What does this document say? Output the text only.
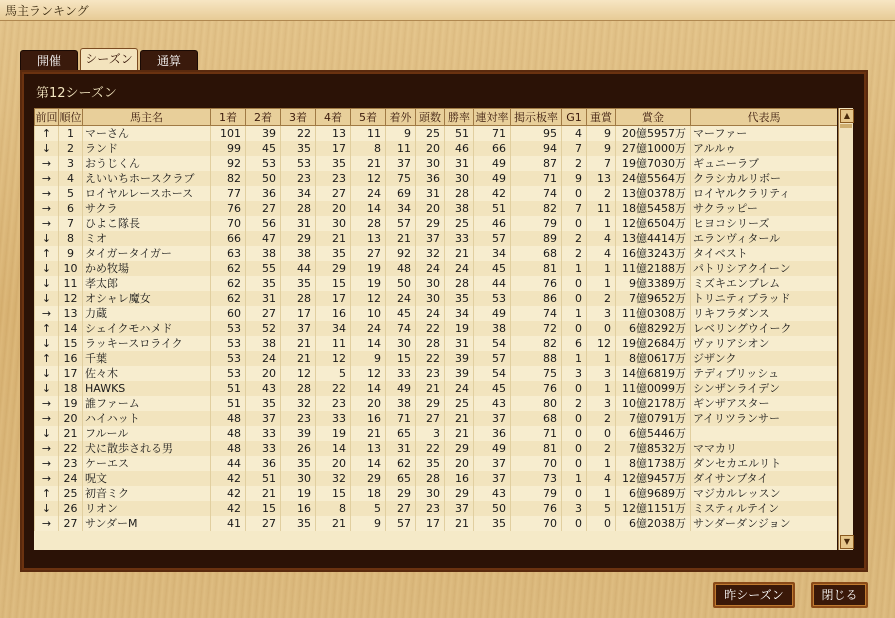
馬主ランキング
開催	シーズン	通算
第12シーズン
前回	順位	馬主名	1着	2着	3着	4着	5着	着外	頭数	勝率	連対率	掲示板率	G1	重賞	賞金	代表馬
↑	1	マーさん	101	39	22	13	11	9	25	51	71	95	4	9	20億5957万	マーファー
↓	2	ランド	99	45	35	17	8	11	20	46	66	94	7	9	27億1000万	アルルゥ
→	3	おうじくん	92	53	53	35	21	37	30	31	49	87	2	7	19億7030万	ギュニーラブ
→	4	えいいちホースクラブ	82	50	23	23	12	75	36	30	49	71	9	13	24億5564万	クラシカルリボー
→	5	ロイヤルレースホース	77	36	34	27	24	69	31	28	42	74	0	2	13億0378万	ロイヤルクラリティ
→	6	サクラ	76	27	28	20	14	34	20	38	51	82	7	11	18億5458万	サクラッピー
→	7	ひよこ隊長	70	56	31	30	28	57	29	25	46	79	0	1	12億6504万	ヒヨコシリーズ
↓	8	ミオ	66	47	29	21	13	21	37	33	57	89	2	4	13億4414万	エランヴィタール
↑	9	タイガータイガー	63	38	38	35	27	92	32	21	34	68	2	4	16億3243万	タイベスト
↓	10	かめ牧場	62	55	44	29	19	48	24	24	45	81	1	1	11億2188万	パトリシアクイーン
↓	11	孝太郎	62	35	35	15	19	50	30	28	44	76	0	1	9億3389万	ミズキエンブレム
↓	12	オシャレ魔女	62	31	28	17	12	24	30	35	53	86	0	2	7億9652万	トリニティブラッド
→	13	力蔵	60	27	17	16	10	45	24	34	49	74	1	3	11億0308万	リキフラダンス
↑	14	シェイクモハメド	53	52	37	34	24	74	22	19	38	72	0	0	6億8292万	レベリングウイーク
↓	15	ラッキースロライク	53	38	21	11	14	30	28	31	54	82	6	12	19億2684万	ヴァリアシオン
↑	16	千葉	53	24	21	12	9	15	22	39	57	88	1	1	8億0617万	ジザンク
↓	17	佐々木	53	20	12	5	12	33	23	39	54	75	3	3	14億6819万	テディブリッシュ
↓	18	HAWKS	51	43	28	22	14	49	21	24	45	76	0	1	11億0099万	シンザンライデン
→	19	誰ファーム	51	35	32	23	20	38	29	25	43	80	2	3	10億2178万	ギンザアスター
→	20	ハイハット	48	37	23	33	16	71	27	21	37	68	0	2	7億0791万	アイリツランサー
↓	21	フルール	48	33	39	19	21	65	3	21	36	71	0	0	6億5446万	
→	22	犬に散歩される男	48	33	26	14	13	31	22	29	49	81	0	2	7億8532万	ママカリ
→	23	ケーエス	44	36	35	20	14	62	35	20	37	70	0	1	8億1738万	ダンセカエルリト
→	24	呪文	42	51	30	32	29	65	28	16	37	73	1	4	12億9457万	ダイサンブタイ
↑	25	初音ミク	42	21	19	15	18	29	30	29	43	79	0	1	6億9689万	マジカルレッスン
↓	26	リオン	42	15	16	8	5	27	23	37	50	76	3	5	12億1151万	ミスティルテイン
→	27	サンダーM	41	27	35	21	9	57	17	21	35	70	0	0	6億2038万	サンダーダンジョン
▲
▼
昨シーズン	閉じる
